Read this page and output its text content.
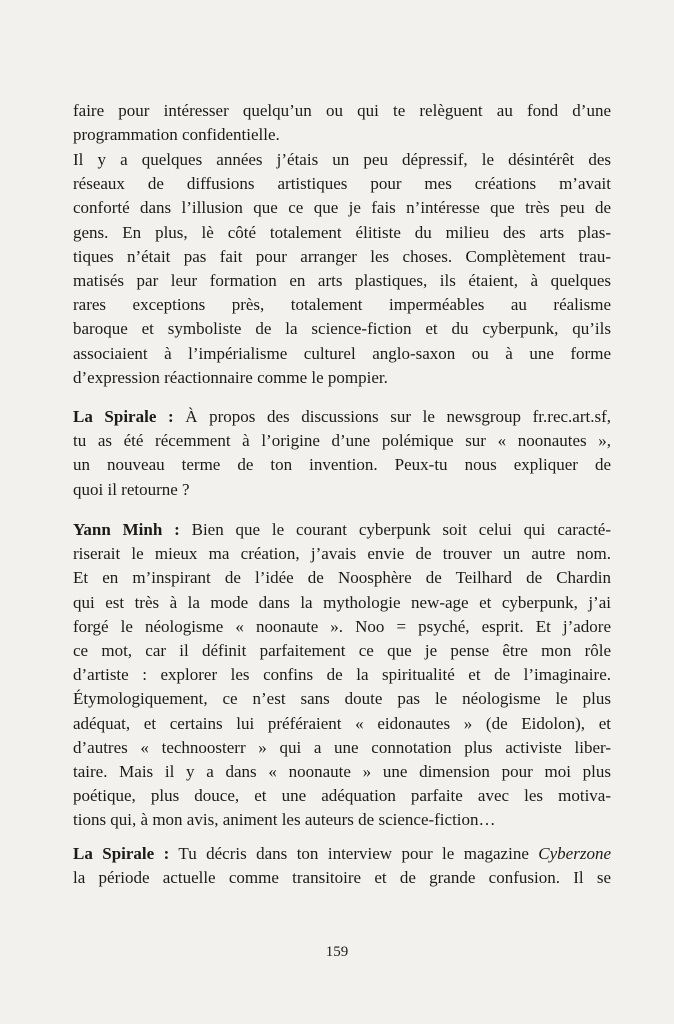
faire pour intéresser quelqu’un ou qui te relèguent au fond d’une
programmation confidentielle.
Il y a quelques années j’étais un peu dépressif, le désintérêt des
réseaux de diffusions artistiques pour mes créations m’avait
conforté dans l’illusion que ce que je fais n’intéresse que très peu de
gens. En plus, lè côté totalement élitiste du milieu des arts plas-
tiques n’était pas fait pour arranger les choses. Complètement trau-
matisés par leur formation en arts plastiques, ils étaient, à quelques
rares exceptions près, totalement imperméables au réalisme
baroque et symboliste de la science-fiction et du cyberpunk, qu’ils
associaient à l’impérialisme culturel anglo-saxon ou à une forme
d’expression réactionnaire comme le pompier.
La Spirale : À propos des discussions sur le newsgroup fr.rec.art.sf,
tu as été récemment à l’origine d’une polémique sur « noonautes »,
un nouveau terme de ton invention. Peux-tu nous expliquer de
quoi il retourne ?
Yann Minh : Bien que le courant cyberpunk soit celui qui caracté-
riserait le mieux ma création, j’avais envie de trouver un autre nom.
Et en m’inspirant de l’idée de Noosphère de Teilhard de Chardin
qui est très à la mode dans la mythologie new-age et cyberpunk, j’ai
forgé le néologisme « noonaute ». Noo = psyché, esprit. Et j’adore
ce mot, car il définit parfaitement ce que je pense être mon rôle
d’artiste : explorer les confins de la spiritualité et de l’imaginaire.
Étymologiquement, ce n’est sans doute pas le néologisme le plus
adéquat, et certains lui préféraient « eidonautes » (de Eidolon), et
d’autres « technoosterr » qui a une connotation plus activiste liber-
taire. Mais il y a dans « noonaute » une dimension pour moi plus
poétique, plus douce, et une adéquation parfaite avec les motiva-
tions qui, à mon avis, animent les auteurs de science-fiction…
La Spirale : Tu décris dans ton interview pour le magazine Cyberzone
la période actuelle comme transitoire et de grande confusion. Il se
159
